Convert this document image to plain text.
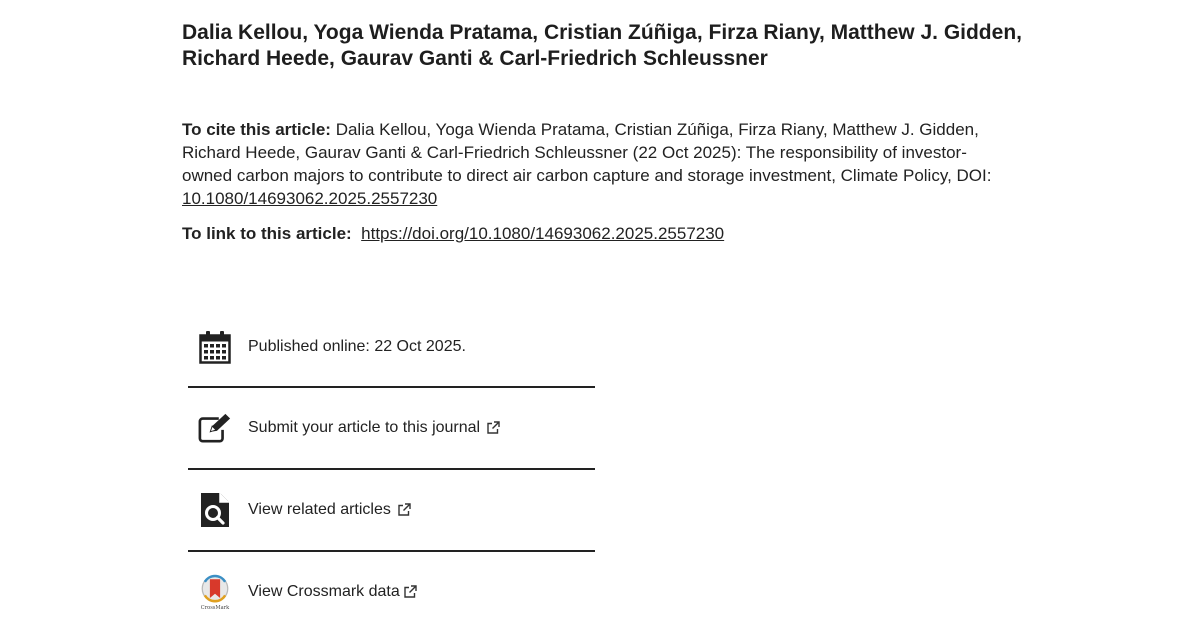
Dalia Kellou, Yoga Wienda Pratama, Cristian Zúñiga, Firza Riany, Matthew J. Gidden, Richard Heede, Gaurav Ganti & Carl-Friedrich Schleussner

To cite this article: Dalia Kellou, Yoga Wienda Pratama, Cristian Zúñiga, Firza Riany, Matthew J. Gidden, Richard Heede, Gaurav Ganti & Carl-Friedrich Schleussner (22 Oct 2025): The responsibility of investor-owned carbon majors to contribute to direct air carbon capture and storage investment, Climate Policy, DOI: 10.1080/14693062.2025.2557230

To link to this article: https://doi.org/10.1080/14693062.2025.2557230

Published online: 22 Oct 2025.
Submit your article to this journal
View related articles
CrossMark
View Crossmark data
